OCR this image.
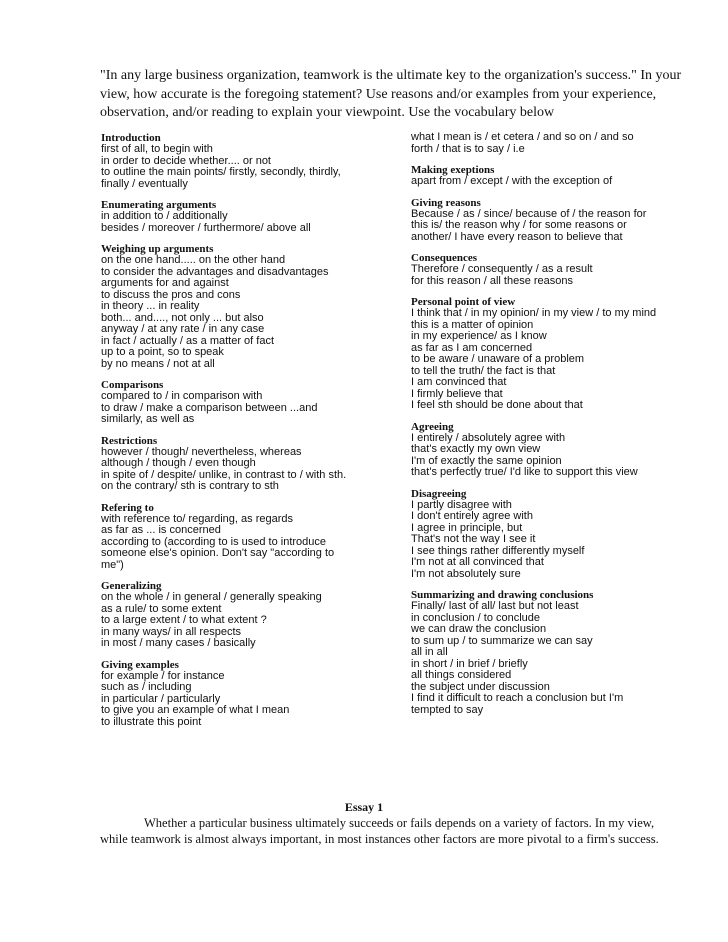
"In any large business organization, teamwork is the ultimate key to the organization's success." In your view, how accurate is the foregoing statement? Use reasons and/or examples from your experience, observation, and/or reading to explain your viewpoint. Use the vocabulary below

Introduction

first of all, to begin with

in order to decide whether.... or not

to outline the main points/ firstly, secondly, thirdly,

finally / eventually

Enumerating arguments

in addition to / additionally

besides / moreover / furthermore/ above all

Weighing up arguments

on the one hand..... on the other hand

to consider the advantages and disadvantages

arguments for and against

to discuss the pros and cons

in theory ... in reality

both... and...., not only ... but also

anyway / at any rate / in any case

in fact / actually / as a matter of fact

up to a point, so to speak

by no means / not at all

Comparisons

compared to / in comparison with

to draw / make a comparison between ...and

similarly, as well as

Restrictions

however / though/ nevertheless, whereas

although / though / even though

in spite of / despite/ unlike, in contrast to / with sth.

on the contrary/ sth is contrary to sth

Refering to

with reference to/ regarding, as regards

as far as ... is concerned

according to (according to is used to introduce

someone else's opinion. Don't say "according to

me")

Generalizing

on the whole / in general / generally speaking

as a rule/ to some extent

to a large extent / to what extent ?

in many ways/ in all respects

in most / many cases / basically

Giving examples

for example / for instance

such as / including

in particular / particularly

to give you an example of what I mean

to illustrate this point

what I mean is / et cetera / and so on / and so

forth / that is to say / i.e

Making exeptions

apart from / except / with the exception of

Giving reasons

Because / as / since/ because of / the reason for

this is/ the reason why / for some reasons or

another/ I have every reason to believe that

Consequences

Therefore / consequently / as a result

for this reason / all these reasons

Personal point of view

I think that / in my opinion/ in my view / to my mind

this is a matter of opinion

in my experience/ as I know

as far as I am concerned

to be aware / unaware of a problem

to tell the truth/ the fact is that

I am convinced that

I firmly believe that

I feel sth should be done about that

Agreeing

I entirely / absolutely agree with

that's exactly my own view

I'm of exactly the same opinion

that's perfectly true/ I'd like to support this view

Disagreeing

I partly disagree with

I don't entirely agree with

I agree in principle, but

That's not the way I see it

I see things rather differently myself

I'm not at all convinced that

I'm not absolutely sure

Summarizing and drawing conclusions

Finally/ last of all/ last but not least

in conclusion / to conclude

we can draw the conclusion

to sum up / to summarize we can say

all in all

in short / in brief / briefly

all things considered

the subject under discussion

I find it difficult to reach a conclusion but I'm

tempted to say

Essay 1

Whether a particular business ultimately succeeds or fails depends on a variety of factors. In my view, while teamwork is almost always important, in most instances other factors are more pivotal to a firm's success.
